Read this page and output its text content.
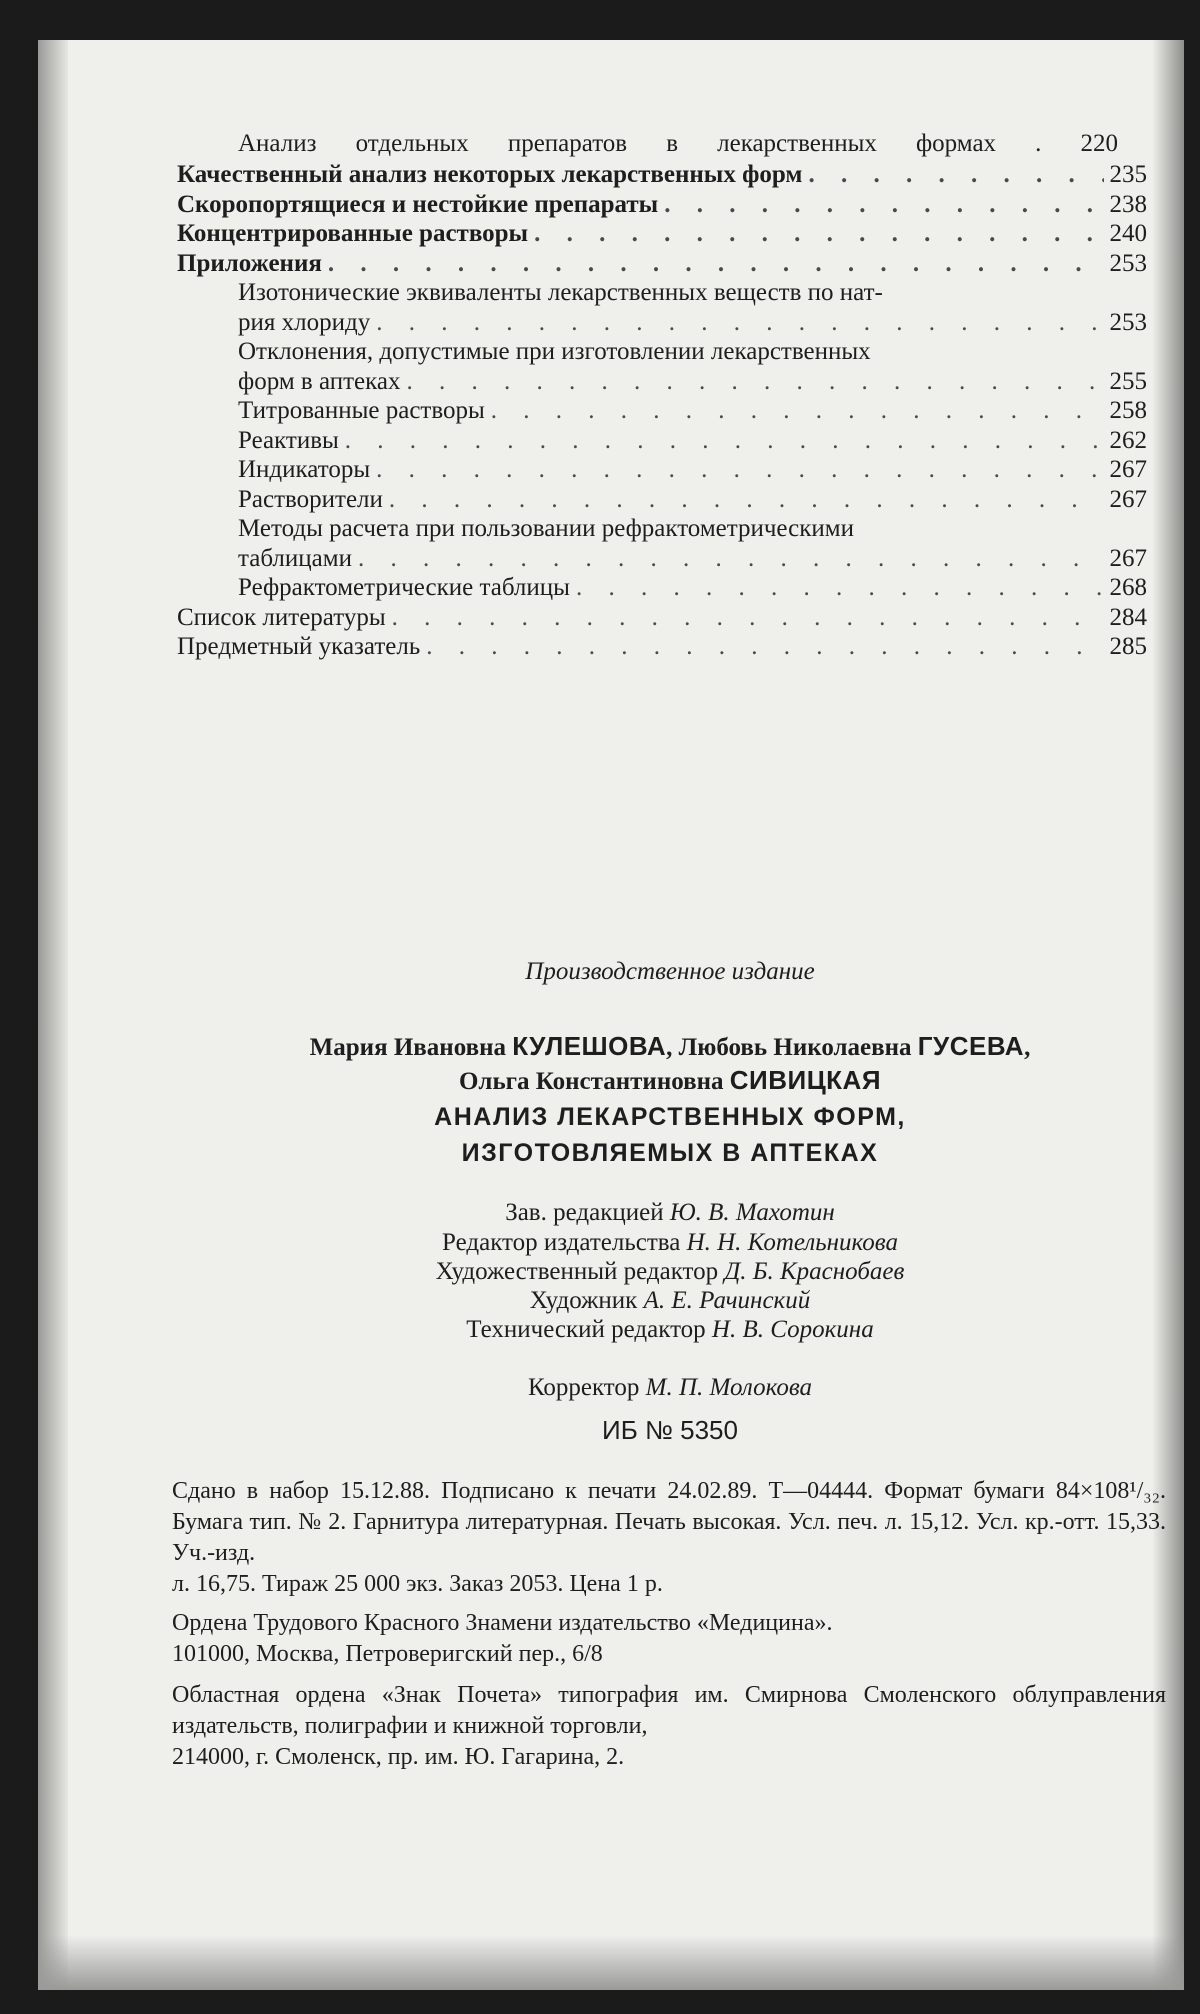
Анализ отдельных препаратов в лекарственных формах . 220
Качественный анализ некоторых лекарственных форм . . .	235
Скоропортящиеся и нестойкие препараты . . .	238
Концентрированные растворы . . .	240
Приложения . . .	253
Изотонические эквиваленты лекарственных веществ по нат-
рия хлориду . . .	253
Отклонения, допустимые при изготовлении лекарственных
форм в аптеках . . .	255
Титрованные растворы . . .	258
Реактивы . . .	262
Индикаторы . . .	267
Растворители . . .	267
Методы расчета при пользовании рефрактометрическими
таблицами . . .	267
Рефрактометрические таблицы . . .	268
Список литературы . . .	284
Предметный указатель . . .	285
Производственное издание
Мария Ивановна КУЛЕШОВА, Любовь Николаевна ГУСЕВА,
Ольга Константиновна СИВИЦКАЯ
АНАЛИЗ ЛЕКАРСТВЕННЫХ ФОРМ,
ИЗГОТОВЛЯЕМЫХ В АПТЕКАХ
Зав. редакцией Ю. В. Махотин
Редактор издательства Н. Н. Котельникова
Художественный редактор Д. Б. Краснобаев
Художник А. Е. Рачинский
Технический редактор Н. В. Сорокина
Корректор М. П. Молокова
ИБ № 5350
Сдано в набор 15.12.88. Подписано к печати 24.02.89. Т—04444. Формат бумаги 84×108¹/₃₂. Бумага тип. № 2. Гарнитура литературная. Печать высокая. Усл. печ. л. 15,12. Усл. кр.-отт. 15,33. Уч.-изд.
л. 16,75. Тираж 25 000 экз. Заказ 2053. Цена 1 р.
Ордена Трудового Красного Знамени издательство «Медицина».
101000, Москва, Петроверигский пер., 6/8
Областная ордена «Знак Почета» типография им. Смирнова Смоленского облуправления издательств, полиграфии и книжной торговли,
214000, г. Смоленск, пр. им. Ю. Гагарина, 2.
